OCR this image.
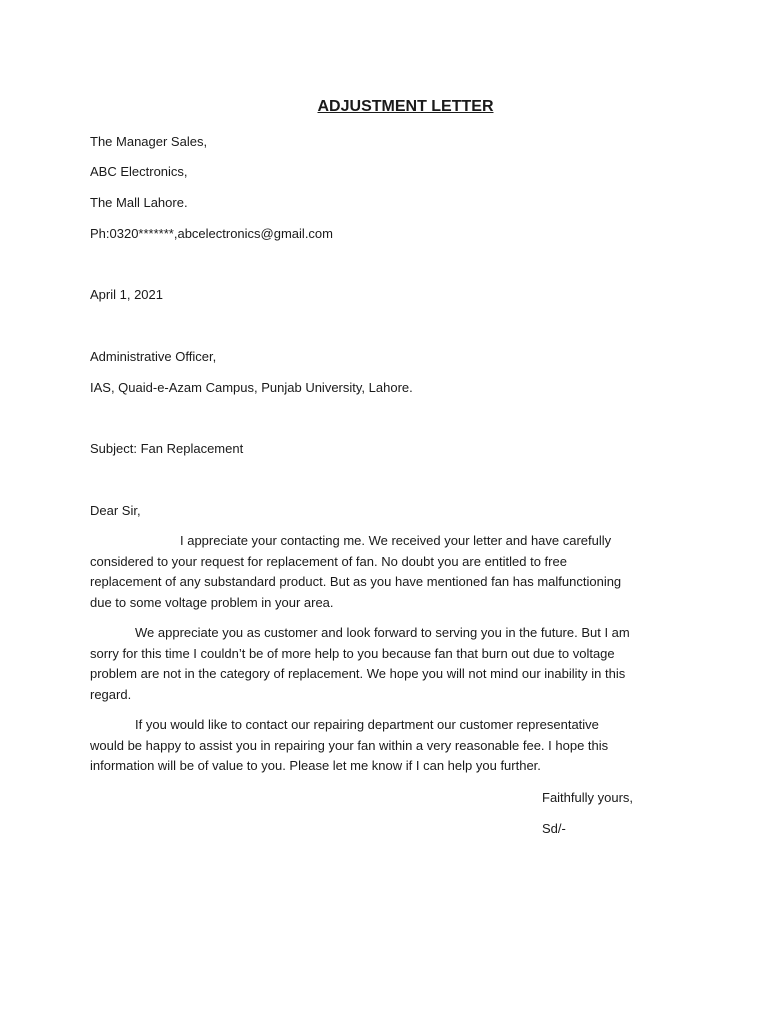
ADJUSTMENT LETTER
The Manager Sales,
ABC Electronics,
The Mall Lahore.
Ph:0320*******,abcelectronics@gmail.com
April 1, 2021
Administrative Officer,
IAS, Quaid-e-Azam Campus, Punjab University, Lahore.
Subject: Fan Replacement
Dear Sir,
I appreciate your contacting me. We received your letter and have carefully
considered to your request for replacement of fan. No doubt you are entitled to free
replacement of any substandard product. But as you have mentioned fan has malfunctioning
due to some voltage problem in your area.
We appreciate you as customer and look forward to serving you in the future. But I am
sorry for this time I couldn’t be of more help to you because fan that burn out due to voltage
problem are not in the category of replacement. We hope you will not mind our inability in this
regard.
If you would like to contact our repairing department our customer representative
would be happy to assist you in repairing your fan within a very reasonable fee. I hope this
information will be of value to you. Please let me know if I can help you further.
Faithfully yours,
Sd/-
